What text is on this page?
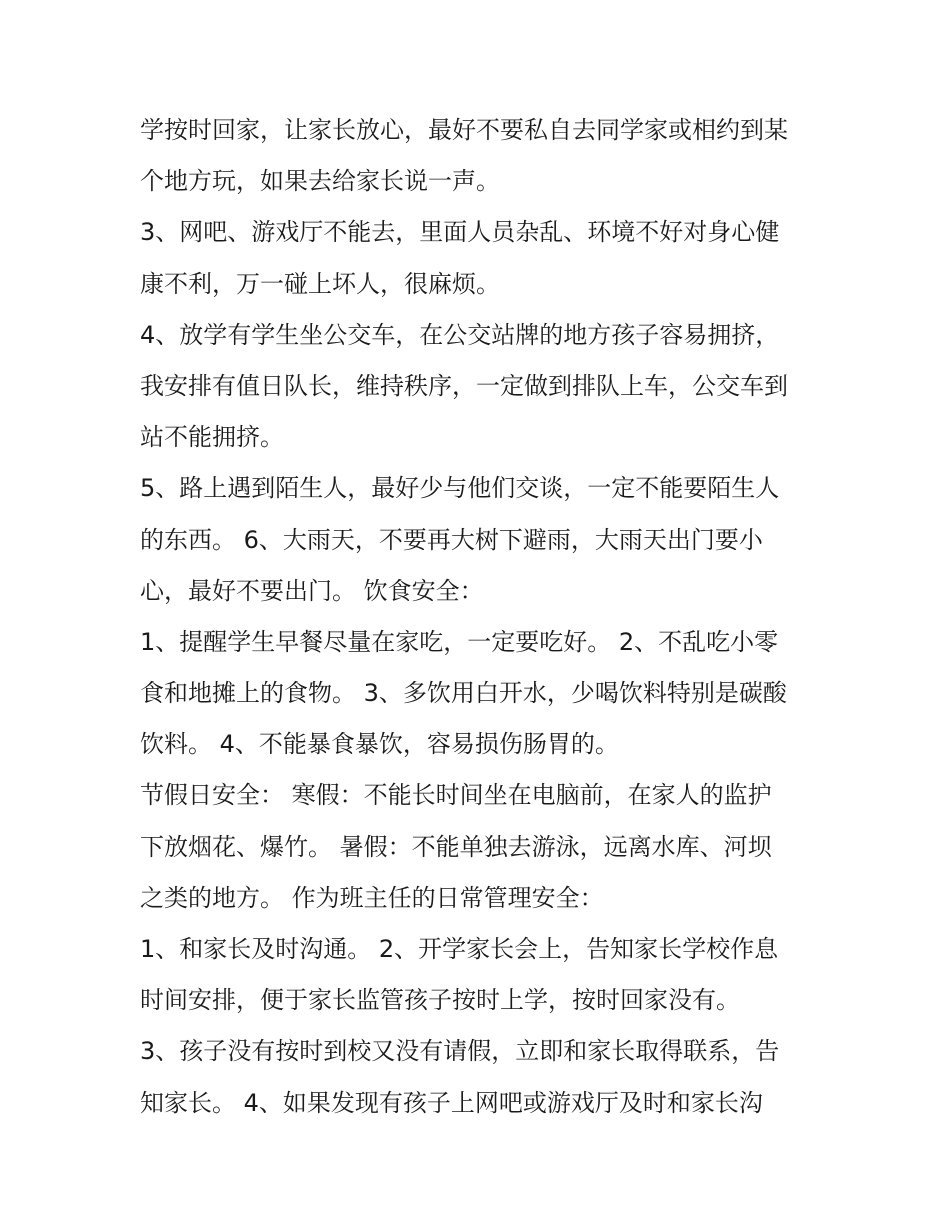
学按时回家，让家长放心，最好不要私自去同学家或相约到某

个地方玩，如果去给家长说一声。

3、网吧、游戏厅不能去，里面人员杂乱、环境不好对身心健

康不利，万一碰上坏人，很麻烦。

4、放学有学生坐公交车，在公交站牌的地方孩子容易拥挤，

我安排有值日队长，维持秩序，一定做到排队上车，公交车到

站不能拥挤。

5、路上遇到陌生人，最好少与他们交谈，一定不能要陌生人

的东西。 6、大雨天，不要再大树下避雨，大雨天出门要小

心，最好不要出门。 饮食安全：

1、提醒学生早餐尽量在家吃，一定要吃好。 2、不乱吃小零

食和地摊上的食物。 3、多饮用白开水，少喝饮料特别是碳酸

饮料。 4、不能暴食暴饮，容易损伤肠胃的。

节假日安全： 寒假：不能长时间坐在电脑前，在家人的监护

下放烟花、爆竹。 暑假：不能单独去游泳，远离水库、河坝

之类的地方。 作为班主任的日常管理安全：

1、和家长及时沟通。 2、开学家长会上，告知家长学校作息

时间安排，便于家长监管孩子按时上学，按时回家没有。

3、孩子没有按时到校又没有请假，立即和家长取得联系，告

知家长。 4、如果发现有孩子上网吧或游戏厅及时和家长沟
